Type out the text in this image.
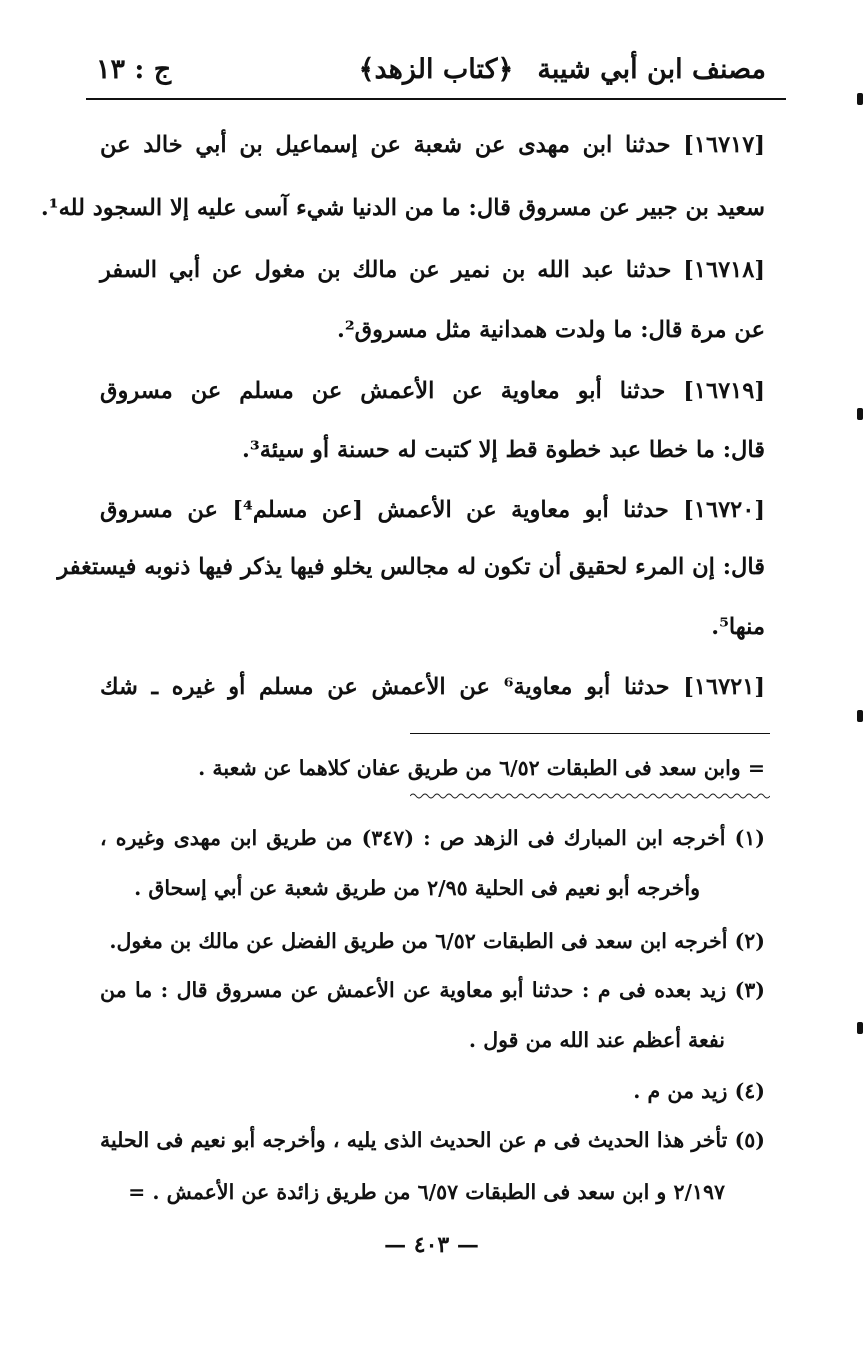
مصنف ابن أبي شيبة
﴿كتاب الزهد﴾
ج : ١٣
[١٦٧١٧] حدثنا ابن مهدى عن شعبة عن إسماعيل بن أبي خالد عن
سعيد بن جبير عن مسروق قال: ما من الدنيا شيء آسى عليه إلا السجود لله¹.
[١٦٧١٨] حدثنا عبد الله بن نمير عن مالك بن مغول عن أبي السفر
عن مرة قال: ما ولدت همدانية مثل مسروق².
[١٦٧١٩] حدثنا أبو معاوية عن الأعمش عن مسلم عن مسروق
قال: ما خطا عبد خطوة قط إلا كتبت له حسنة أو سيئة³.
[١٦٧٢٠] حدثنا أبو معاوية عن الأعمش [عن مسلم⁴] عن مسروق
قال: إن المرء لحقيق أن تكون له مجالس يخلو فيها يذكر فيها ذنوبه فيستغفر
منها⁵.
[١٦٧٢١] حدثنا أبو معاوية⁶ عن الأعمش عن مسلم أو غيره ـ شك
= وابن سعد فى الطبقات ٦/٥٢ من طريق عفان كلاهما عن شعبة .
(١) أخرجه ابن المبارك فى الزهد ص : (٣٤٧) من طريق ابن مهدى وغيره ،
وأخرجه أبو نعيم فى الحلية ٢/٩٥ من طريق شعبة عن أبي إسحاق .
(٢) أخرجه ابن سعد فى الطبقات ٦/٥٢ من طريق الفضل عن مالك بن مغول.
(٣) زيد بعده فى م : حدثنا أبو معاوية عن الأعمش عن مسروق قال : ما من
نفعة أعظم عند الله من قول .
(٤) زيد من م .
(٥) تأخر هذا الحديث فى م عن الحديث الذى يليه ، وأخرجه أبو نعيم فى الحلية
٢/١٩٧ و ابن سعد فى الطبقات ٦/٥٧ من طريق زائدة عن الأعمش . =
— ٤٠٣ —
